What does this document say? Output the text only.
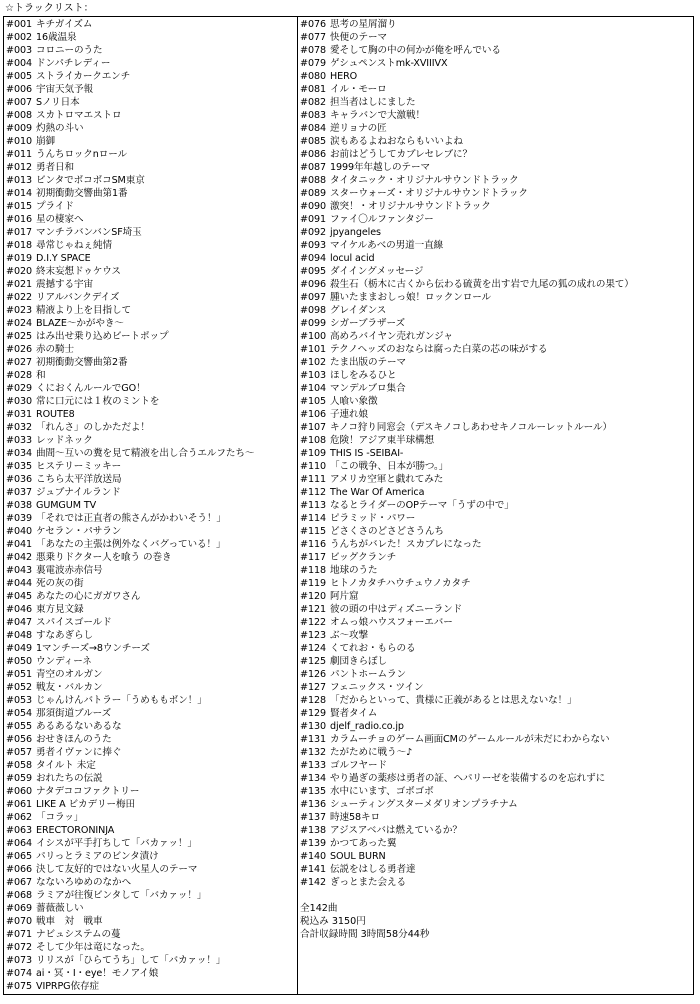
☆トラックリスト：
#001 キチガイズム
#002 16歳温泉
#003 コロニーのうた
#004 ドンパチレディー
#005 ストライカークエンチ
#006 宇宙天気予報
#007 Sノリ日本
#008 スカトロマエストロ
#009 灼熱の斗い
#010 崩御
#011 うんちロックnロール
#012 勇者日和
#013 ビンタでボコボコSM東京
#014 初期衝動交響曲第1番
#015 プライド
#016 星の棲家へ
#017 マンチラバンバンSF埼玉
#018 尋常じゃねぇ純情
#019 D.I.Y SPACE
#020 終末妄想ドゥケウス
#021 震撼する宇宙
#022 リアルバンクデイズ
#023 精液より上を目指して
#024 BLAZE～かがやき～
#025 はみ出せ乗り込めビートポップ
#026 赤の騎士
#027 初期衝動交響曲第2番
#028 和
#029 くにおくんルールでGO！
#030 常に口元には１枚のミントを
#031 ROUTE8
#032 「れんさ」のしかただよ！
#033 レッドネック
#034 曲間～互いの糞を見て精液を出し合うエルフたち～
#035 ヒステリーミッキー
#036 こちら太平洋放送局
#037 ジュブナイルランド
#038 GUMGUM TV
#039 「それでは正直者の熊さんがかわいそう！」
#040 ケセラン・パサラン
#041 「あなたの主張は例外なくバグっている！」
#042 悪乗りドクター人を喰う の巻き
#043 裏電波赤赤信号
#044 死の灰の街
#045 あなたの心にガガワさん
#046 東方見文録
#047 スパイスゴールド
#048 すなあぎらし
#049 1マンチーズ→8ウンチーズ
#050 ウンディーネ
#051 青空のオルガン
#052 戦友・バルカン
#053 じゃんけんバトラー「うめももボン！」
#054 那須街道ブルーズ
#055 あるあるないあるな
#056 おせきほんのうた
#057 勇者イヴァンに捧ぐ
#058 タイルト 未定
#059 おれたちの伝説
#060 ナタデココファクトリー
#061 LIKE A ビカデリー梅田
#062 「コラッ」
#063 ERECTORONINJA
#064 イシスが平手打ちして「バカァッ！」
#065 パリっとラミアのビンタ漬け
#066 決して友好的ではない火星人のテーマ
#067 なないろゆめのなかへ
#068 ラミアが往復ビンタして「バカァッ！」
#069 薔薇薇しい
#070 戦車　対　戦車
#071 ナビュシステムの蔓
#072 そして少年は竜になった。
#073 リリスが「ひらてうち」して「バカァッ！」
#074 ai・冥・I・eye！モノアイ娘
#075 VIPRPG依存症
#076 思考の星屑溜り
#077 快便のテーマ
#078 愛そして胸の中の何かが俺を呼んでいる
#079 ゲシュペンストmk-XVIIIVX
#080 HERO
#081 イル・モーロ
#082 担当者はしにました
#083 キャラバンで大激戦！
#084 逆リョナの匠
#085 涙もあるよねおならもいいよね
#086 お前はどうしてカブレセレブに？
#087 1999年年越しのテーマ
#088 タイタニック・オリジナルサウンドトラック
#089 スターウォーズ・オリジナルサウンドトラック
#090 激突！・オリジナルサウンドトラック
#091 ファイ〇ルファンタジー
#092 jpyangeles
#093 マイケルあべの男道一直線
#094 locul acid
#095 ダイイングメッセージ
#096 殺生石（栃木に古くから伝わる硫黄を出す岩で九尾の狐の成れの果て）
#097 腫いたままおしっ娘！ロックンロール
#098 グレイダンス
#099 シガーブラザーズ
#100 高めろバイヤン売れガンジャ
#101 テクノヘッズのおならは腐った白菜の芯の味がする
#102 たま出版のテーマ
#103 ほしをみるひと
#104 マンデルブロ集合
#105 人喰い象徴
#106 子連れ娘
#107 キノコ狩り同窓会（デスキノコしあわせキノコルーレットルール）
#108 危険！アジア東半球構想
#109 THIS IS -SEIBAI-
#110 「この戦争、日本が勝つ。」
#111 アメリカ空軍と戯れてみた
#112 The War Of America
#113 なるとライダーのOPテーマ「うずの中で」
#114 ピラミッド・パワー
#115 どさくさのどさどさうんち
#116 うんちがバレた！スカブレになった
#117 ビッグクランチ
#118 地球のうた
#119 ヒトノカタチハウチュウノカタチ
#120 阿片窟
#121 彼の頭の中はディズニーランド
#122 オムっ娘ハウスフォーエバー
#123 ぶ～攻撃
#124 くてれお・もらのる
#125 劇団きらぼし
#126 パントホームラン
#127 フェニックス・ツイン
#128 「だからといって、貴様に正義があるとは思えないな！」
#129 賢者タイム
#130 djelf_radio.co.jp
#131 カラムーチョのゲーム画面CMのゲームルールが未だにわからない
#132 たがために戦う～♪
#133 ゴルフヤード
#134 やり過ぎの薬疹は勇者の証、ヘパリーゼを装備するのを忘れずに
#135 水中にいます、ゴボゴボ
#136 シューティングスターメダリオンプラチナム
#137 時速58キロ
#138 アジスアベバは燃えているか？
#139 かつてあった翼
#140 SOUL BURN
#141 伝説をはしる勇者達
#142 ぎっとまた会える
全142曲
税込み 3150円
合計収録時間 3時間58分44秒
